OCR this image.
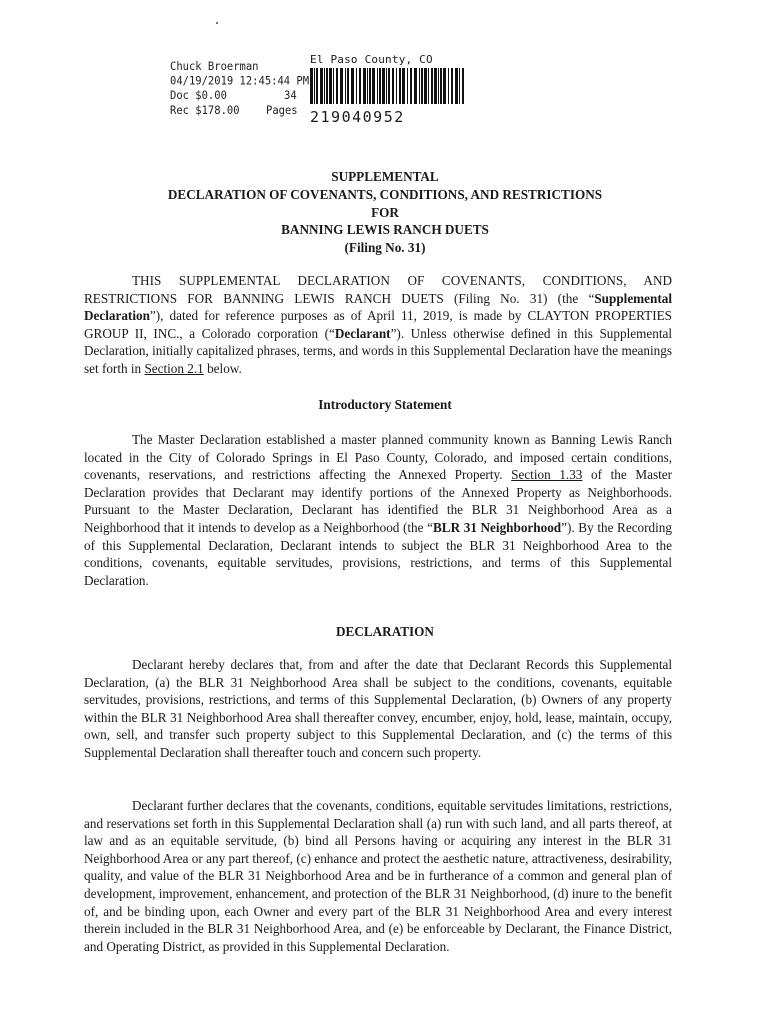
Chuck Broerman
04/19/2019 12:45:44 PM
Doc $0.00	34
Rec $178.00	Pages
El Paso County, CO
219040952
SUPPLEMENTAL
DECLARATION OF COVENANTS, CONDITIONS, AND RESTRICTIONS
FOR
BANNING LEWIS RANCH DUETS
(Filing No. 31)

THIS SUPPLEMENTAL DECLARATION OF COVENANTS, CONDITIONS, AND RESTRICTIONS FOR BANNING LEWIS RANCH DUETS (Filing No. 31) (the “Supplemental Declaration”), dated for reference purposes as of April 11, 2019, is made by CLAYTON PROPERTIES GROUP II, INC., a Colorado corporation (“Declarant”). Unless otherwise defined in this Supplemental Declaration, initially capitalized phrases, terms, and words in this Supplemental Declaration have the meanings set forth in Section 2.1 below.

Introductory Statement

The Master Declaration established a master planned community known as Banning Lewis Ranch located in the City of Colorado Springs in El Paso County, Colorado, and imposed certain conditions, covenants, reservations, and restrictions affecting the Annexed Property. Section 1.33 of the Master Declaration provides that Declarant may identify portions of the Annexed Property as Neighborhoods. Pursuant to the Master Declaration, Declarant has identified the BLR 31 Neighborhood Area as a Neighborhood that it intends to develop as a Neighborhood (the “BLR 31 Neighborhood”). By the Recording of this Supplemental Declaration, Declarant intends to subject the BLR 31 Neighborhood Area to the conditions, covenants, equitable servitudes, provisions, restrictions, and terms of this Supplemental Declaration.

DECLARATION

Declarant hereby declares that, from and after the date that Declarant Records this Supplemental Declaration, (a) the BLR 31 Neighborhood Area shall be subject to the conditions, covenants, equitable servitudes, provisions, restrictions, and terms of this Supplemental Declaration, (b) Owners of any property within the BLR 31 Neighborhood Area shall thereafter convey, encumber, enjoy, hold, lease, maintain, occupy, own, sell, and transfer such property subject to this Supplemental Declaration, and (c) the terms of this Supplemental Declaration shall thereafter touch and concern such property.

Declarant further declares that the covenants, conditions, equitable servitudes limitations, restrictions, and reservations set forth in this Supplemental Declaration shall (a) run with such land, and all parts thereof, at law and as an equitable servitude, (b) bind all Persons having or acquiring any interest in the BLR 31 Neighborhood Area or any part thereof, (c) enhance and protect the aesthetic nature, attractiveness, desirability, quality, and value of the BLR 31 Neighborhood Area and be in furtherance of a common and general plan of development, improvement, enhancement, and protection of the BLR 31 Neighborhood, (d) inure to the benefit of, and be binding upon, each Owner and every part of the BLR 31 Neighborhood Area and every interest therein included in the BLR 31 Neighborhood Area, and (e) be enforceable by Declarant, the Finance District, and Operating District, as provided in this Supplemental Declaration.
